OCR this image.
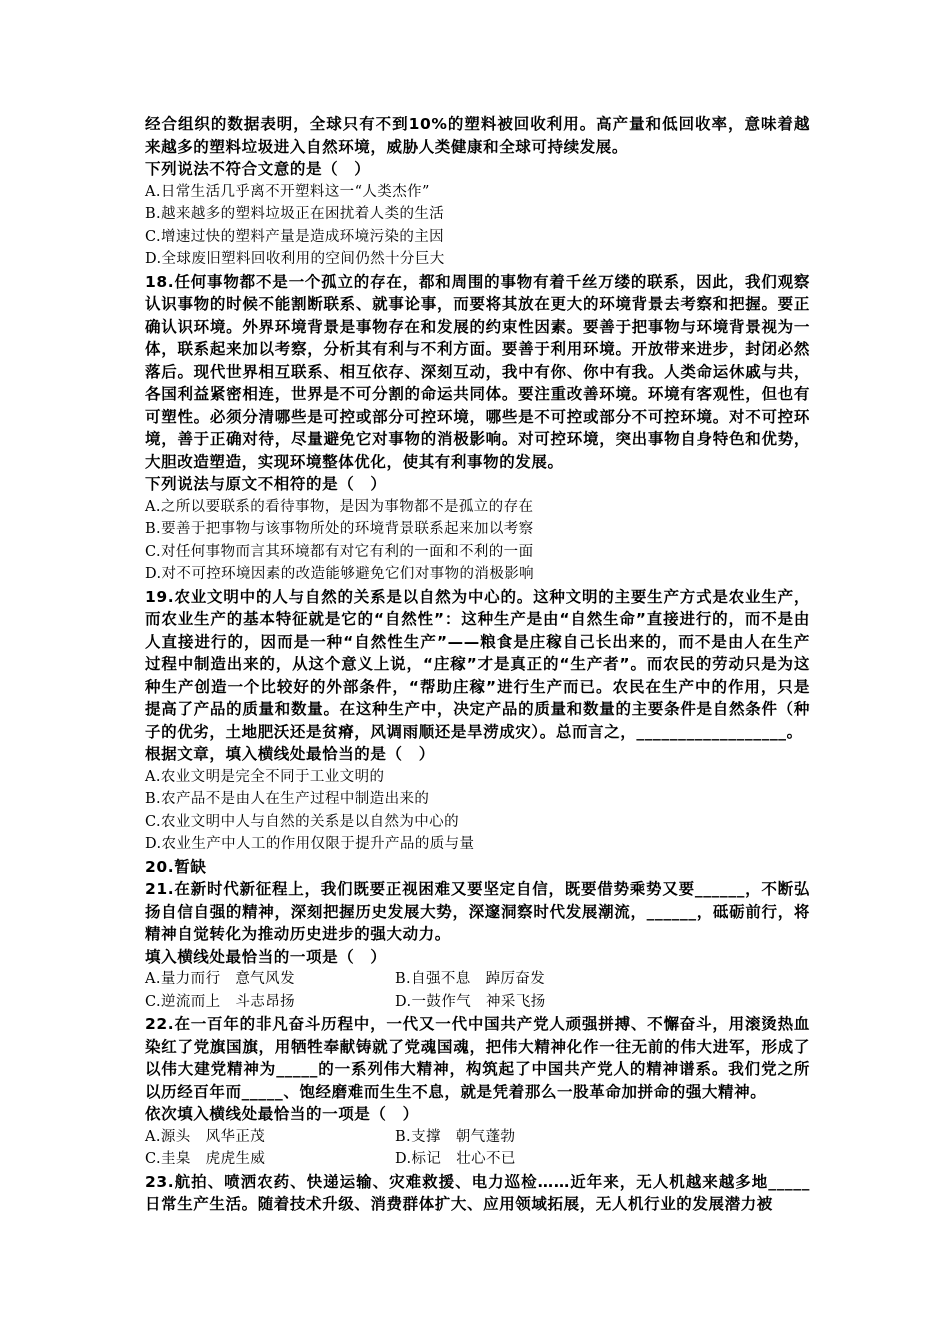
经合组织的数据表明，全球只有不到10%的塑料被回收利用。高产量和低回收率，意味着越来越多的塑料垃圾进入自然环境，威胁人类健康和全球可持续发展。

下列说法不符合文意的是（　）

A.日常生活几乎离不开塑料这一“人类杰作”

B.越来越多的塑料垃圾正在困扰着人类的生活

C.增速过快的塑料产量是造成环境污染的主因

D.全球废旧塑料回收利用的空间仍然十分巨大

18.任何事物都不是一个孤立的存在，都和周围的事物有着千丝万缕的联系，因此，我们观察认识事物的时候不能割断联系、就事论事，而要将其放在更大的环境背景去考察和把握。要正确认识环境。外界环境背景是事物存在和发展的约束性因素。要善于把事物与环境背景视为一体，联系起来加以考察，分析其有利与不利方面。要善于利用环境。开放带来进步，封闭必然落后。现代世界相互联系、相互依存、深刻互动，我中有你、你中有我。人类命运休戚与共，各国利益紧密相连，世界是不可分割的命运共同体。要注重改善环境。环境有客观性，但也有可塑性。必须分清哪些是可控或部分可控环境，哪些是不可控或部分不可控环境。对不可控环境，善于正确对待，尽量避免它对事物的消极影响。对可控环境，突出事物自身特色和优势，大胆改造塑造，实现环境整体优化，使其有利事物的发展。

下列说法与原文不相符的是（　）

A.之所以要联系的看待事物，是因为事物都不是孤立的存在

B.要善于把事物与该事物所处的环境背景联系起来加以考察

C.对任何事物而言其环境都有对它有利的一面和不利的一面

D.对不可控环境因素的改造能够避免它们对事物的消极影响

19.农业文明中的人与自然的关系是以自然为中心的。这种文明的主要生产方式是农业生产，而农业生产的基本特征就是它的“自然性”：这种生产是由“自然生命”直接进行的，而不是由人直接进行的，因而是一种“自然性生产”——粮食是庄稼自己长出来的，而不是由人在生产过程中制造出来的，从这个意义上说，“庄稼”才是真正的“生产者”。而农民的劳动只是为这种生产创造一个比较好的外部条件，“帮助庄稼”进行生产而已。农民在生产中的作用，只是提高了产品的质量和数量。在这种生产中，决定产品的质量和数量的主要条件是自然条件（种子的优劣，土地肥沃还是贫瘠，风调雨顺还是旱涝成灾）。总而言之，__________________。

根据文章，填入横线处最恰当的是（　）

A.农业文明是完全不同于工业文明的

B.农产品不是由人在生产过程中制造出来的

C.农业文明中人与自然的关系是以自然为中心的

D.农业生产中人工的作用仅限于提升产品的质与量

20.暂缺

21.在新时代新征程上，我们既要正视困难又要坚定自信，既要借势乘势又要______，不断弘扬自信自强的精神，深刻把握历史发展大势，深邃洞察时代发展潮流，______，砥砺前行，将精神自觉转化为推动历史进步的强大动力。

填入横线处最恰当的一项是（　）

A.量力而行　意气风发	B.自强不息　踔厉奋发

C.逆流而上　斗志昂扬	D.一鼓作气　神采飞扬

22.在一百年的非凡奋斗历程中，一代又一代中国共产党人顽强拼搏、不懈奋斗，用滚烫热血染红了党旗国旗，用牺牲奉献铸就了党魂国魂，把伟大精神化作一往无前的伟大进军，形成了以伟大建党精神为_____的一系列伟大精神，构筑起了中国共产党人的精神谱系。我们党之所以历经百年而_____、饱经磨难而生生不息，就是凭着那么一股革命加拼命的强大精神。

依次填入横线处最恰当的一项是（　）

A.源头　风华正茂	B.支撑　朝气蓬勃

C.圭臬　虎虎生威	D.标记　壮心不已

23.航拍、喷洒农药、快递运输、灾难救援、电力巡检……近年来，无人机越来越多地_____日常生产生活。随着技术升级、消费群体扩大、应用领域拓展，无人机行业的发展潜力被
